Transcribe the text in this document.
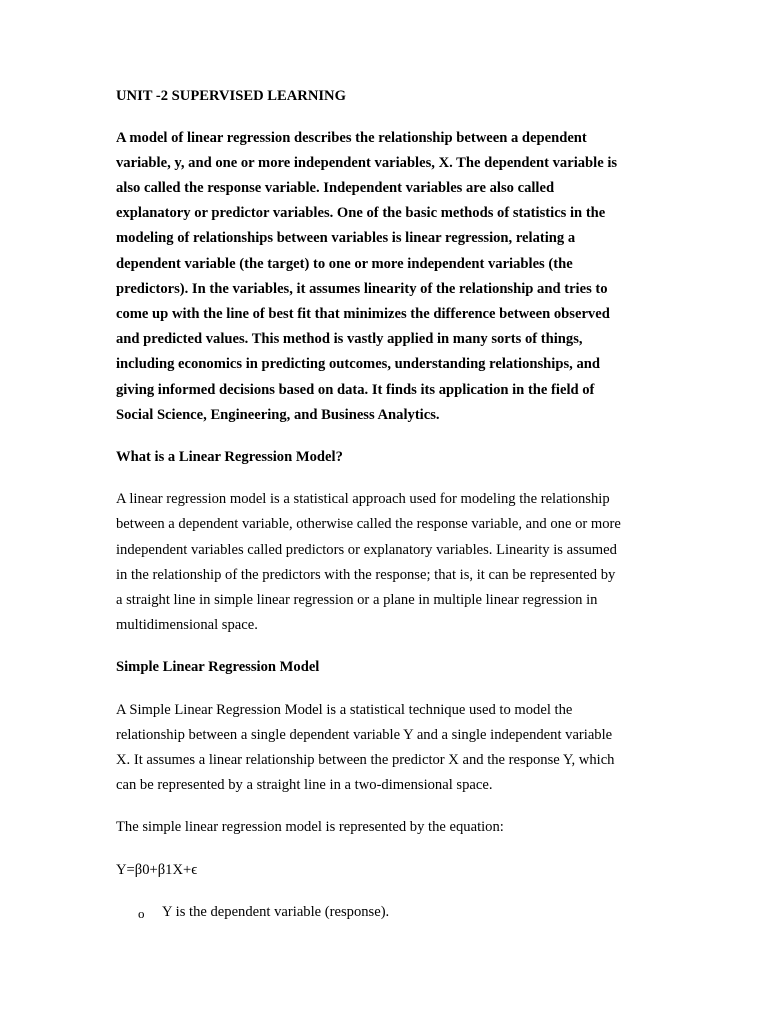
UNIT -2 SUPERVISED LEARNING
A model of linear regression describes the relationship between a dependent
variable, y, and one or more independent variables, X. The dependent variable is
also called the response variable. Independent variables are also called
explanatory or predictor variables. One of the basic methods of statistics in the
modeling of relationships between variables is linear regression, relating a
dependent variable (the target) to one or more independent variables (the
predictors). In the variables, it assumes linearity of the relationship and tries to
come up with the line of best fit that minimizes the difference between observed
and predicted values. This method is vastly applied in many sorts of things,
including economics in predicting outcomes, understanding relationships, and
giving informed decisions based on data. It finds its application in the field of
Social Science, Engineering, and Business Analytics.
What is a Linear Regression Model?
A linear regression model is a statistical approach used for modeling the relationship
between a dependent variable, otherwise called the response variable, and one or more
independent variables called predictors or explanatory variables. Linearity is assumed
in the relationship of the predictors with the response; that is, it can be represented by
a straight line in simple linear regression or a plane in multiple linear regression in
multidimensional space.
Simple Linear Regression Model
A Simple Linear Regression Model is a statistical technique used to model the
relationship between a single dependent variable Y and a single independent variable
X. It assumes a linear relationship between the predictor X and the response Y, which
can be represented by a straight line in a two-dimensional space.
The simple linear regression model is represented by the equation:
Y=β0+β1X+ϵ
o Y is the dependent variable (response).
